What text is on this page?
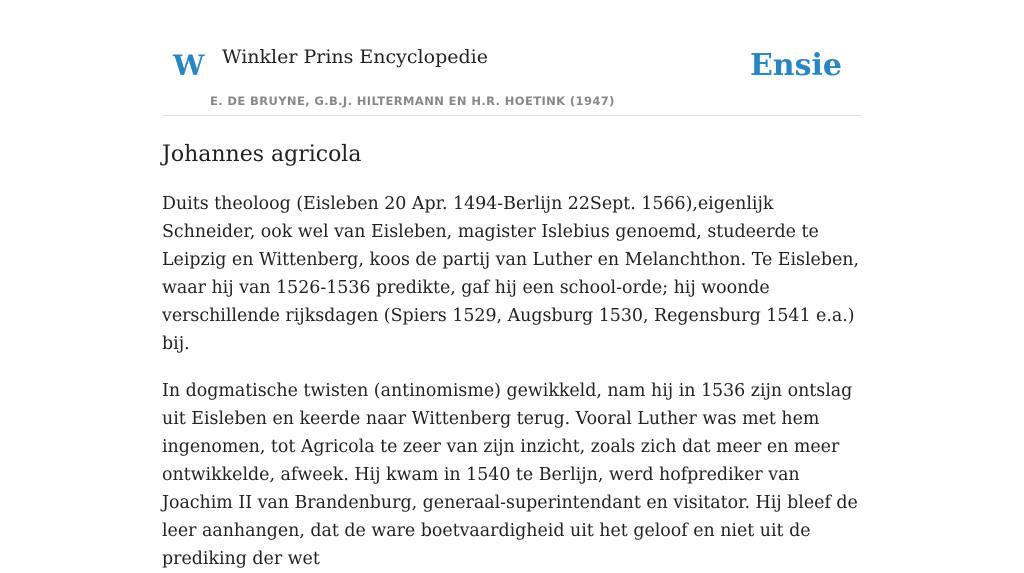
W Winkler Prins Encyclopedie
E. DE BRUYNE, G.B.J. HILTERMANN EN H.R. HOETINK (1947)
Ensie
Johannes agricola

Duits theoloog (Eisleben 20 Apr. 1494-Berlijn 22Sept. 1566),eigenlijk Schneider, ook wel van Eisleben, magister Islebius genoemd, studeerde te Leipzig en Wittenberg, koos de partij van Luther en Melanchthon. Te Eisleben, waar hij van 1526-1536 predikte, gaf hij een school-orde; hij woonde verschillende rijksdagen (Spiers 1529, Augsburg 1530, Regensburg 1541 e.a.) bij.

In dogmatische twisten (antinomisme) gewikkeld, nam hij in 1536 zijn ontslag uit Eisleben en keerde naar Wittenberg terug. Vooral Luther was met hem ingenomen, tot Agricola te zeer van zijn inzicht, zoals zich dat meer en meer ontwikkelde, afweek. Hij kwam in 1540 te Berlijn, werd hofprediker van Joachim II van Brandenburg, generaal-superintendant en visitator. Hij bleef de leer aanhangen, dat de ware boetvaardigheid uit het geloof en niet uit de prediking der wet
